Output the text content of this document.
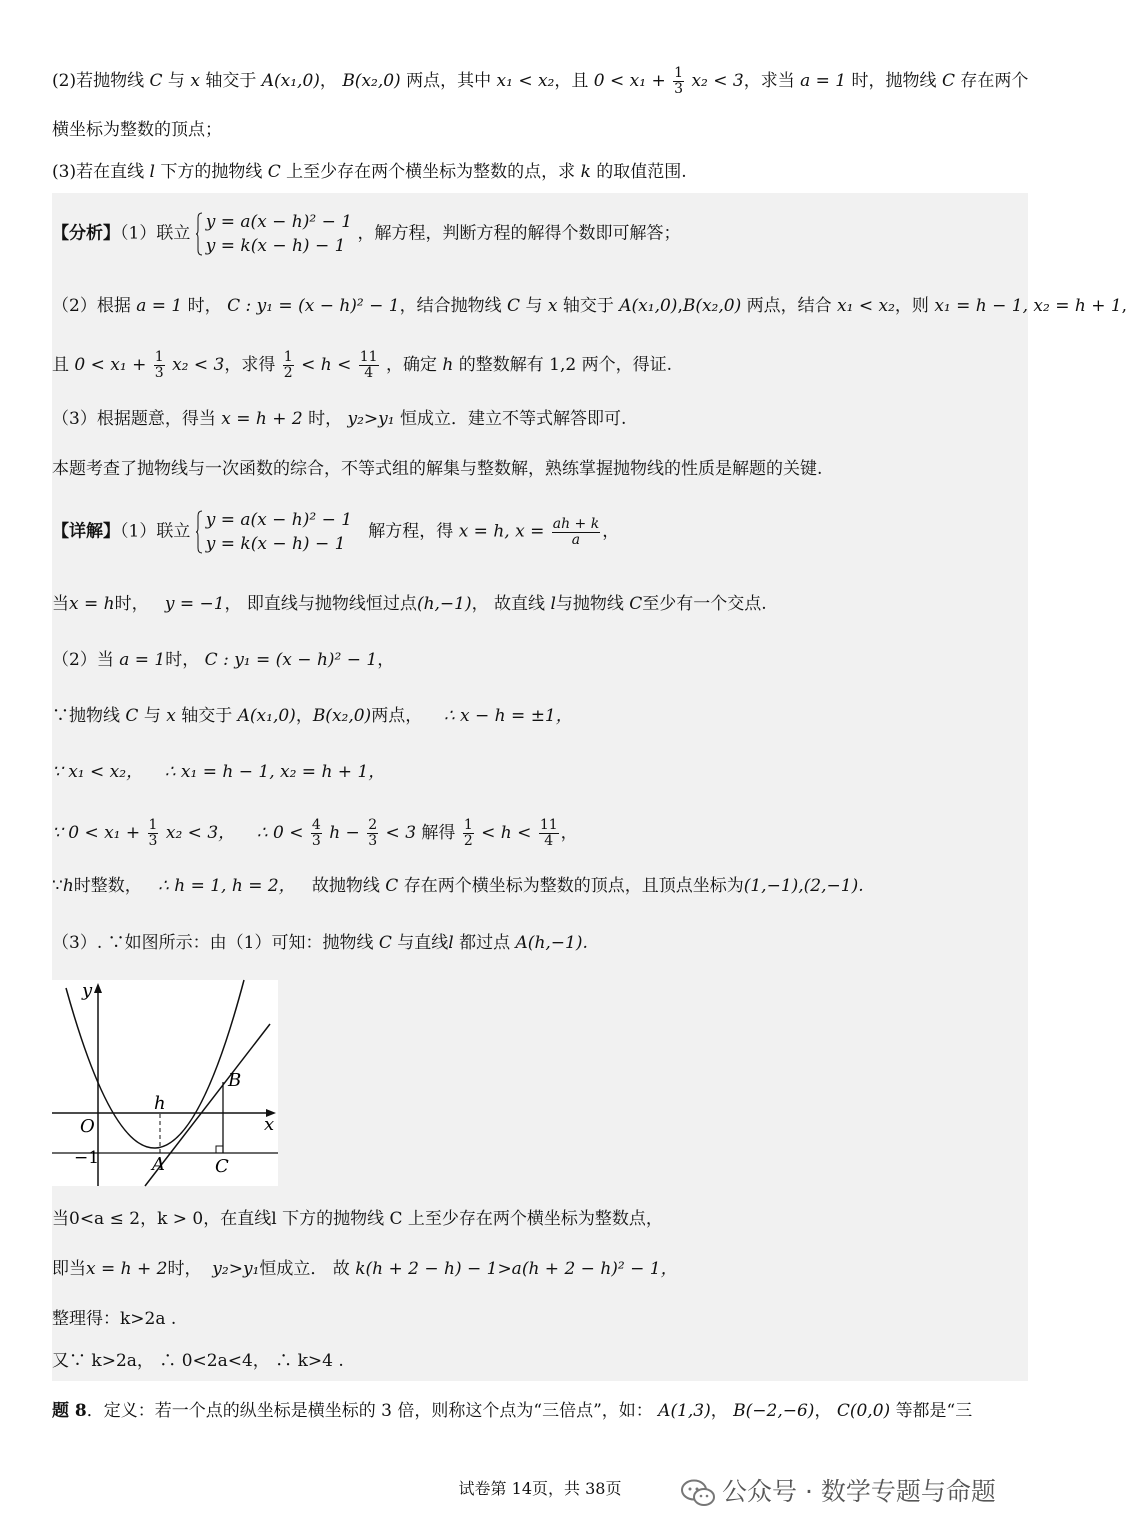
(2)若抛物线 C 与 x 轴交于 A(x₁,0)， B(x₂,0) 两点，其中 x₁ < x₂，且 $0 < x_1 + \frac{1}{3} x_2 < 3$，求当 a = 1 时，抛物线 C 存在两个
横坐标为整数的顶点；
(3)若在直线 l 下方的抛物线 C 上至少存在两个横坐标为整数的点，求 k 的取值范围.
【分析】（1）联立
y = a(x − h)² − 1
y = k(x − h) − 1
，解方程，判断方程的解得个数即可解答；
（2）根据 a = 1 时， C : y₁ = (x − h)² − 1，结合抛物线 C 与 x 轴交于 A(x₁,0),B(x₂,0) 两点，结合 x₁ < x₂，则 x₁ = h − 1, x₂ = h + 1,
且 $0 < x_1 + \frac{1}{3} x_2 < 3$，求得 $\frac{1}{2} < h < \frac{11}{4}$ ，确定 h 的整数解有 1,2 两个，得证.
（3）根据题意，得当 x = h + 2 时， y₂>y₁ 恒成立．建立不等式解答即可.
本题考查了抛物线与一次函数的综合，不等式组的解集与整数解，熟练掌握抛物线的性质是解题的关键.
【详解】（1）联立
y = a(x − h)² − 1
y = k(x − h) − 1
解方程，得 x = h, $x = \frac{ah + k}{a}$ ，
当x = h时， y = −1， 即直线与抛物线恒过点(h,−1)， 故直线 l与抛物线 C至少有一个交点.
（2）当 a = 1时， C : y₁ = (x − h)² − 1，
∵抛物线 C 与 x 轴交于 A(x₁,0)，B(x₂,0)两点， ∴ x − h = ±1，
∵ x₁ < x₂， ∴ x₁ = h − 1, x₂ = h + 1，
∵ $0 < x_1 + \frac{1}{3} x_2 < 3$， ∴ $0 < \frac{4}{3}$ $h - \frac{2}{3} < 3$ 解得 $\frac{1}{2} < h < \frac{11}{4}$ ，
∵h时整数， ∴ h = 1, h = 2， 故抛物线 C 存在两个横坐标为整数的顶点，且顶点坐标为(1,−1),(2,−1).
（3）. ∵如图所示：由（1）可知：抛物线 C 与直线l 都过点 A(h,−1).
y
x
O
h
B
A	C
−1
当0<a ≤ 2，k > 0，在直线l 下方的抛物线 C 上至少存在两个横坐标为整数点，
即当x = h + 2时， y₂>y₁恒成立． 故 k(h + 2 − h) − 1>a(h + 2 − h)² − 1，
整理得：k>2a .
又∵ k>2a， ∴ 0<2a<4， ∴ k>4 .
题 8．定义：若一个点的纵坐标是横坐标的 3 倍，则称这个点为“三倍点”，如： A(1,3)， B(−2,−6)， C(0,0) 等都是“三
试卷第 14页，共 38页	公众号 · 数学专题与命题
